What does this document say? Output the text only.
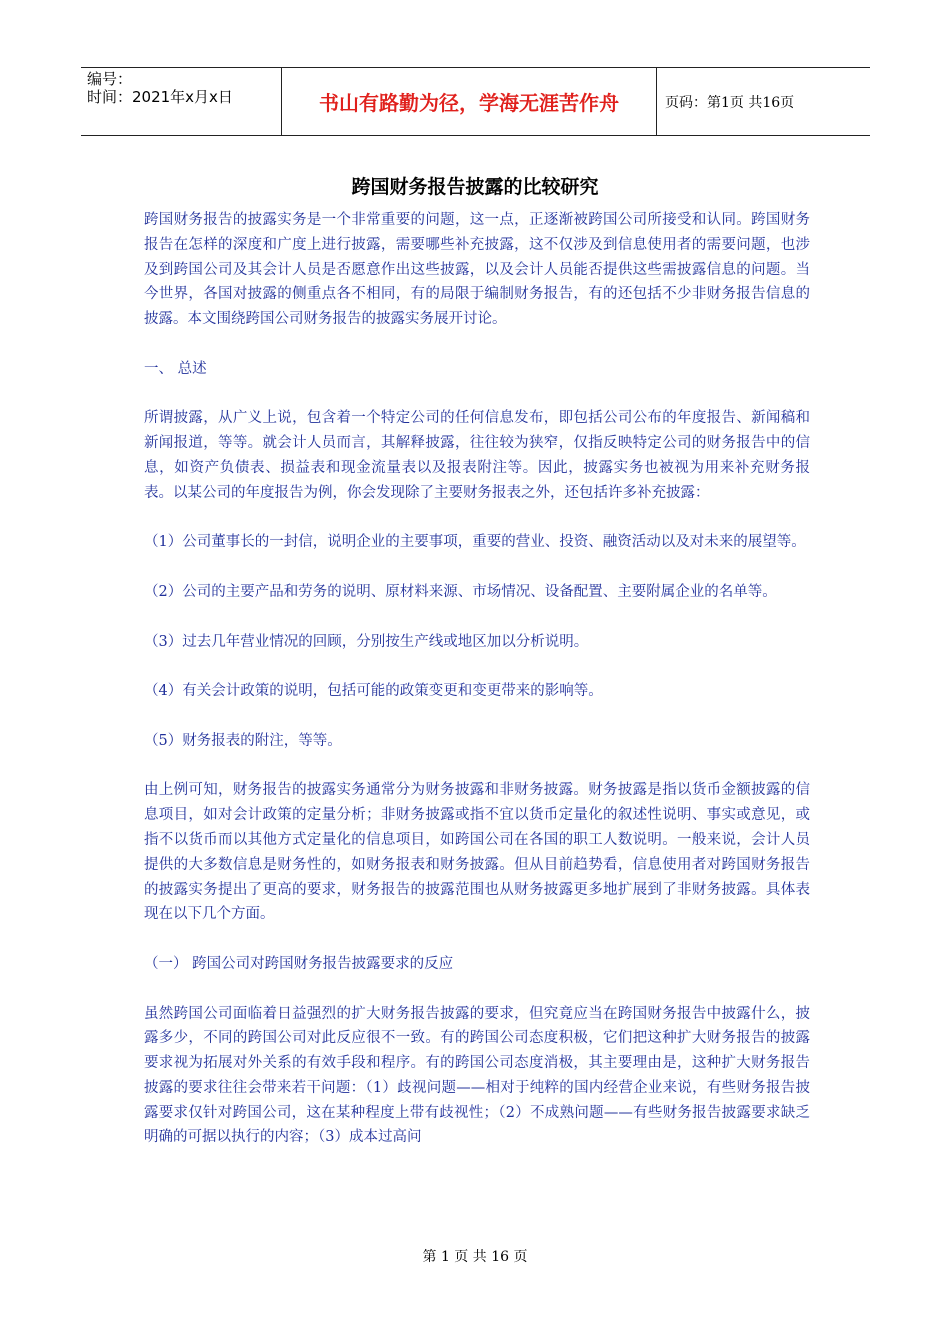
编号：
时间：2021年x月x日	书山有路勤为径，学海无涯苦作舟	页码：第1页 共16页
跨国财务报告披露的比较研究

跨国财务报告的披露实务是一个非常重要的问题，这一点，正逐渐被跨国公司所接受和认同。跨国财务报告在怎样的深度和广度上进行披露，需要哪些补充披露，这不仅涉及到信息使用者的需要问题，也涉及到跨国公司及其会计人员是否愿意作出这些披露，以及会计人员能否提供这些需披露信息的问题。当今世界，各国对披露的侧重点各不相同，有的局限于编制财务报告，有的还包括不少非财务报告信息的披露。本文围绕跨国公司财务报告的披露实务展开讨论。

一、 总述

所谓披露，从广义上说，包含着一个特定公司的任何信息发布，即包括公司公布的年度报告、新闻稿和新闻报道，等等。就会计人员而言，其解释披露，往往较为狭窄，仅指反映特定公司的财务报告中的信息，如资产负债表、损益表和现金流量表以及报表附注等。因此，披露实务也被视为用来补充财务报表。以某公司的年度报告为例，你会发现除了主要财务报表之外，还包括许多补充披露：

（1）公司董事长的一封信，说明企业的主要事项，重要的营业、投资、融资活动以及对未来的展望等。

（2）公司的主要产品和劳务的说明、原材料来源、市场情况、设备配置、主要附属企业的名单等。

（3）过去几年营业情况的回顾，分别按生产线或地区加以分析说明。

（4）有关会计政策的说明，包括可能的政策变更和变更带来的影响等。

（5）财务报表的附注，等等。

由上例可知，财务报告的披露实务通常分为财务披露和非财务披露。财务披露是指以货币金额披露的信息项目，如对会计政策的定量分析；非财务披露或指不宜以货币定量化的叙述性说明、事实或意见，或指不以货币而以其他方式定量化的信息项目，如跨国公司在各国的职工人数说明。一般来说，会计人员提供的大多数信息是财务性的，如财务报表和财务披露。但从目前趋势看，信息使用者对跨国财务报告的披露实务提出了更高的要求，财务报告的披露范围也从财务披露更多地扩展到了非财务披露。具体表现在以下几个方面。

（一） 跨国公司对跨国财务报告披露要求的反应

虽然跨国公司面临着日益强烈的扩大财务报告披露的要求，但究竟应当在跨国财务报告中披露什么，披露多少，不同的跨国公司对此反应很不一致。有的跨国公司态度积极，它们把这种扩大财务报告的披露要求视为拓展对外关系的有效手段和程序。有的跨国公司态度消极，其主要理由是，这种扩大财务报告披露的要求往往会带来若干问题：（1）歧视问题——相对于纯粹的国内经营企业来说，有些财务报告披露要求仅针对跨国公司，这在某种程度上带有歧视性；（2）不成熟问题——有些财务报告披露要求缺乏明确的可据以执行的内容；（3）成本过高问

第 1 页 共 16 页
